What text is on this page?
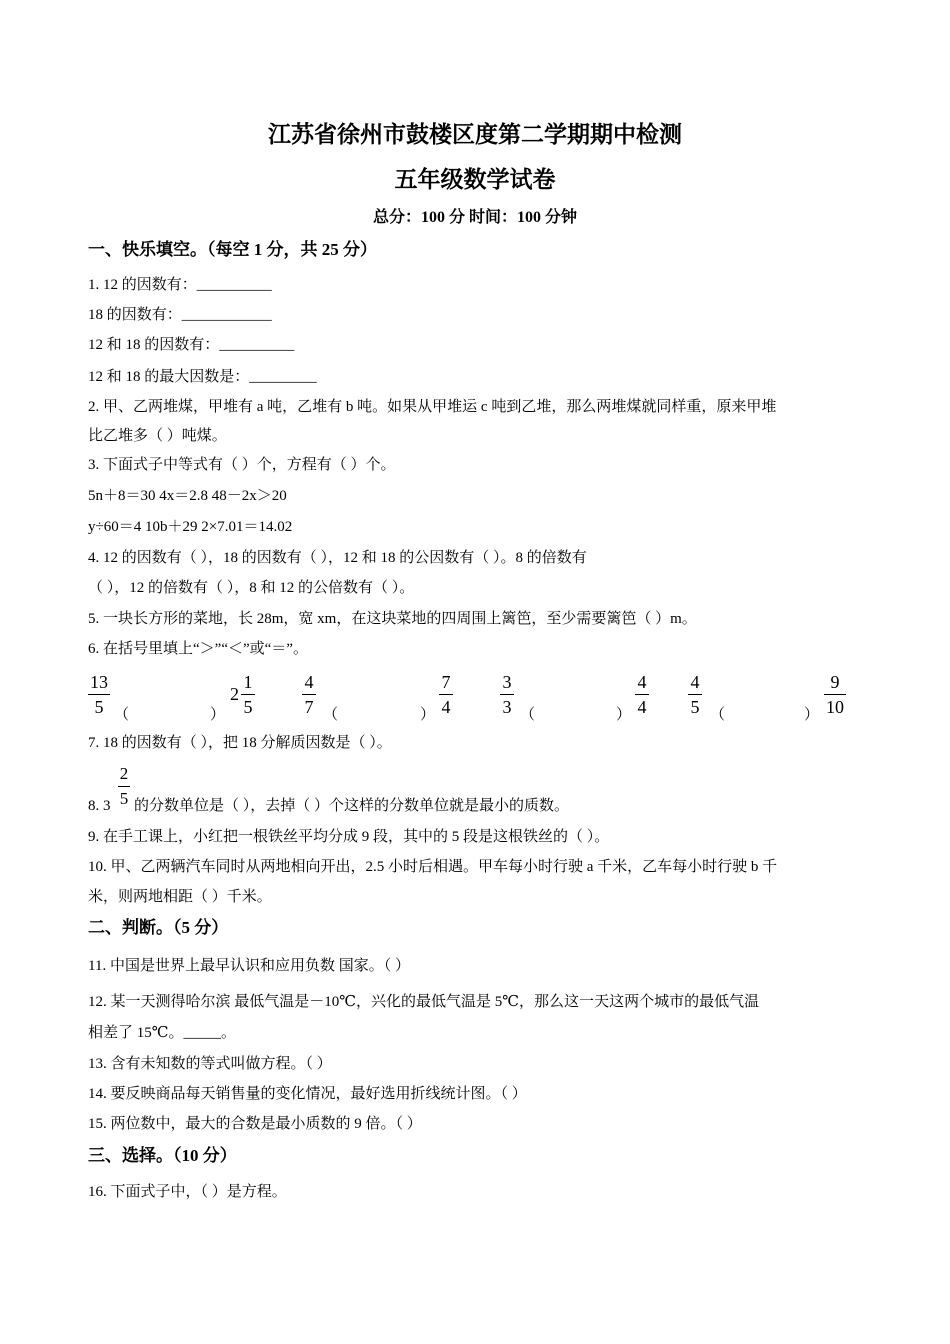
江苏省徐州市鼓楼区度第二学期期中检测
五年级数学试卷
总分：100 分 时间：100 分钟
一、快乐填空。（每空 1 分，共 25 分）
1. 12 的因数有：__________
18 的因数有：____________
12 和 18 的因数有：__________
12 和 18 的最大因数是：_________
2. 甲、乙两堆煤，甲堆有 a 吨，乙堆有 b 吨。如果从甲堆运 c 吨到乙堆，那么两堆煤就同样重，原来甲堆
比乙堆多（ ）吨煤。
3. 下面式子中等式有（ ）个，方程有（ ）个。
5n＋8＝30 4x＝2.8 48－2x＞20
y÷60＝4 10b＋29 2×7.01＝14.02
4. 12 的因数有（ ），18 的因数有（ ），12 和 18 的公因数有（ ）。8 的倍数有
（ ），12 的倍数有（ ），8 和 12 的公倍数有（ ）。
5. 一块长方形的菜地，长 28m，宽 xm，在这块菜地的四周围上篱笆，至少需要篱笆（ ）m。
6. 在括号里填上“＞”“＜”或“＝”。
13
5 （	）
2
1
5
4
7 （	）
7
4
3
3 （	）
4
4
4
5 （	）
9
10
7. 18 的因数有（ ），把 18 分解质因数是（ ）。
2
5
8. 3 的分数单位是（ ），去掉（ ）个这样的分数单位就是最小的质数。
9. 在手工课上，小红把一根铁丝平均分成 9 段，其中的 5 段是这根铁丝的（ ）。
10. 甲、乙两辆汽车同时从两地相向开出，2.5 小时后相遇。甲车每小时行驶 a 千米，乙车每小时行驶 b 千
米，则两地相距（ ）千米。
二、判断。（5 分）
11. 中国是世界上最早认识和应用负数 国家。（ ）
12. 某一天测得哈尔滨 最低气温是－10℃，兴化的最低气温是 5℃，那么这一天这两个城市的最低气温
相差了 15℃。_____。
13. 含有未知数的等式叫做方程。（ ）
14. 要反映商品每天销售量的变化情况，最好选用折线统计图。（ ）
15. 两位数中，最大的合数是最小质数的 9 倍。（ ）
三、选择。（10 分）
16. 下面式子中，（ ）是方程。
